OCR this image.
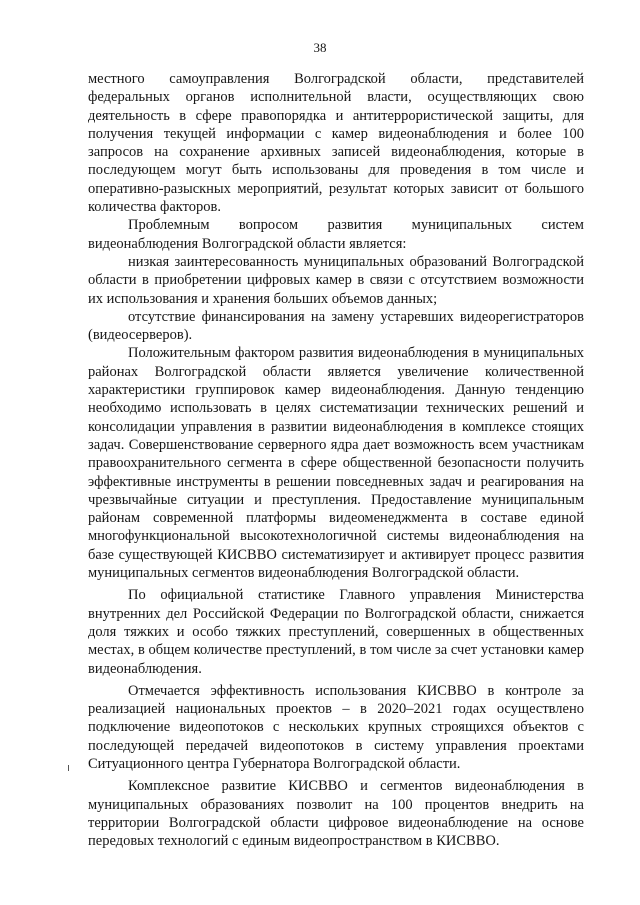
38

местного самоуправления Волгоградской области, представителей федеральных органов исполнительной власти, осуществляющих свою деятельность в сфере правопорядка и антитеррористической защиты, для получения текущей информации с камер видеонаблюдения и более 100 запросов на сохранение архивных записей видеонаблюдения, которые в последующем могут быть использованы для проведения в том числе и оперативно-разыскных мероприятий, результат которых зависит от большого количества факторов.

Проблемным вопросом развития муниципальных систем видеонаблюдения Волгоградской области является:

низкая заинтересованность муниципальных образований Волгоградской области в приобретении цифровых камер в связи с отсутствием возможности их использования и хранения больших объемов данных;

отсутствие финансирования на замену устаревших видеорегистраторов (видеосерверов).

Положительным фактором развития видеонаблюдения в муниципальных районах Волгоградской области является увеличение количественной характеристики группировок камер видеонаблюдения. Данную тенденцию необходимо использовать в целях систематизации технических решений и консолидации управления в развитии видеонаблюдения в комплексе стоящих задач. Совершенствование серверного ядра дает возможность всем участникам правоохранительного сегмента в сфере общественной безопасности получить эффективные инструменты в решении повседневных задач и реагирования на чрезвычайные ситуации и преступления. Предоставление муниципальным районам современной платформы видеоменеджмента в составе единой многофункциональной высокотехнологичной системы видеонаблюдения на базе существующей КИСВВО систематизирует и активирует процесс развития муниципальных сегментов видеонаблюдения Волгоградской области.

По официальной статистике Главного управления Министерства внутренних дел Российской Федерации по Волгоградской области, снижается доля тяжких и особо тяжких преступлений, совершенных в общественных местах, в общем количестве преступлений, в том числе за счет установки камер видеонаблюдения.

Отмечается эффективность использования КИСВВО в контроле за реализацией национальных проектов – в 2020–2021 годах осуществлено подключение видеопотоков с нескольких крупных строящихся объектов с последующей передачей видеопотоков в систему управления проектами Ситуационного центра Губернатора Волгоградской области.

Комплексное развитие КИСВВО и сегментов видеонаблюдения в муниципальных образованиях позволит на 100 процентов внедрить на территории Волгоградской области цифровое видеонаблюдение на основе передовых технологий с единым видеопространством в КИСВВО.
